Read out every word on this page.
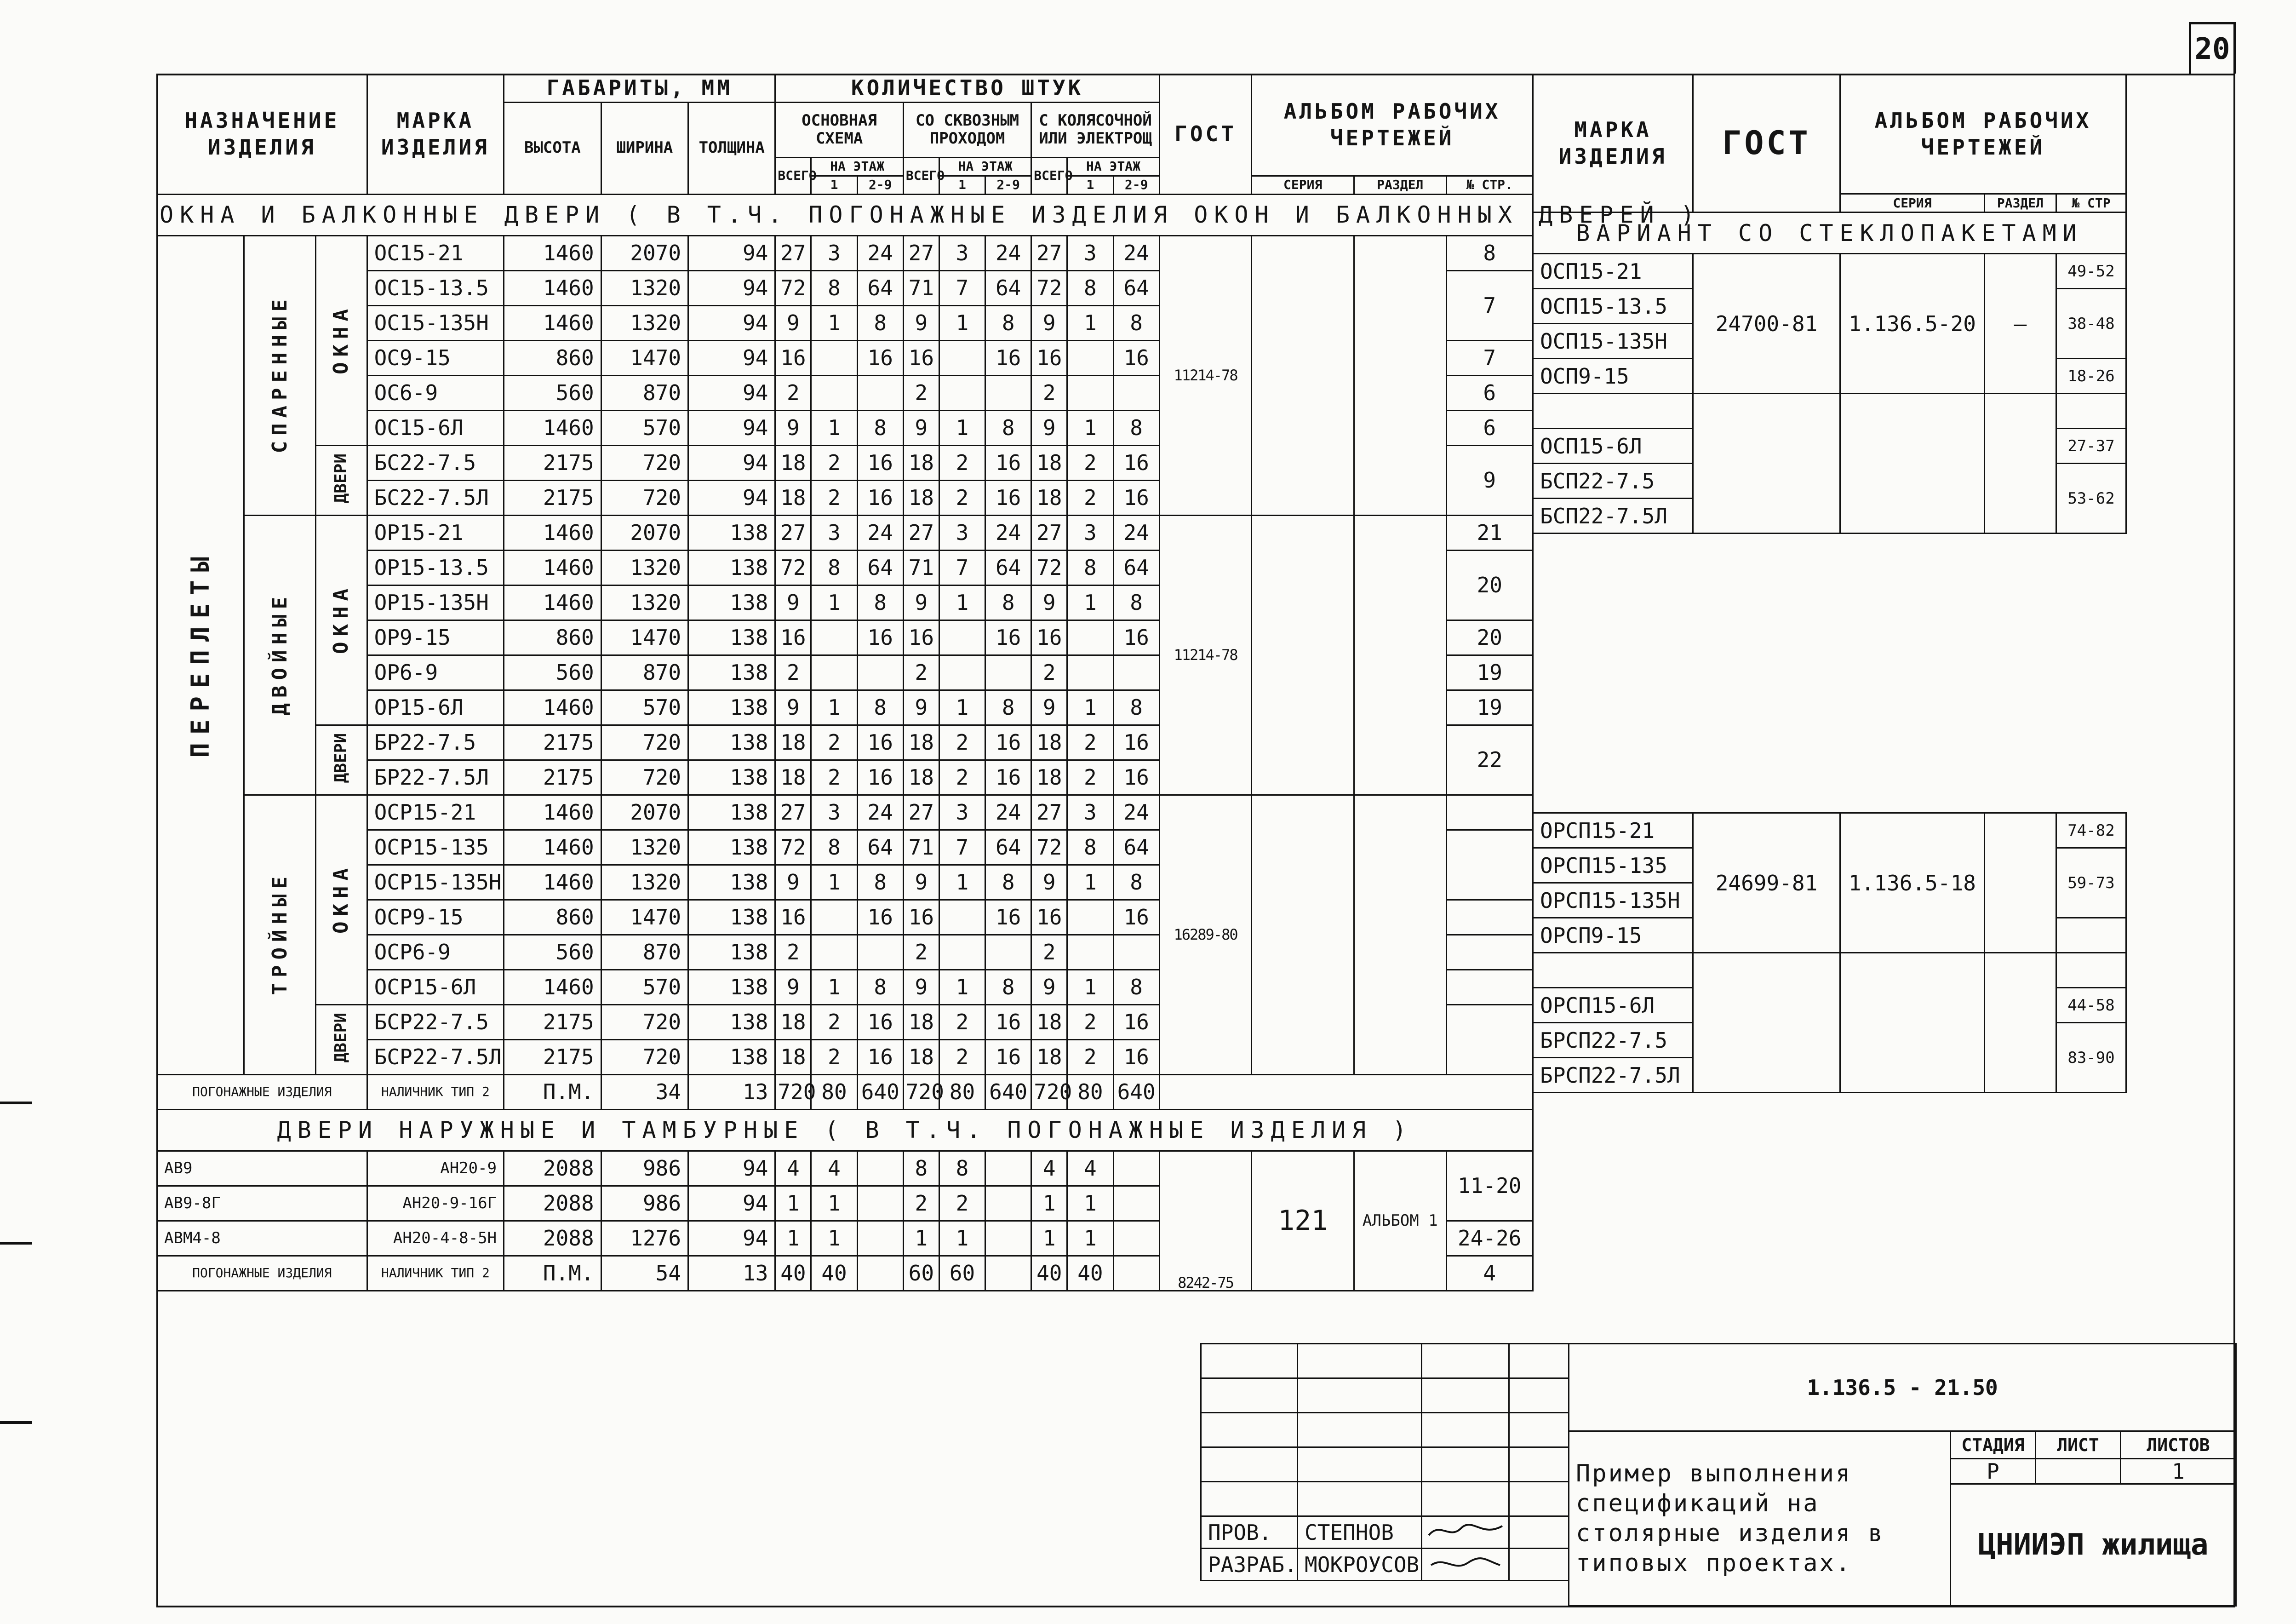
20
НАЗНАЧЕНИЕ ИЗДЕЛИЯ			МАРКА ИЗДЕЛИЯ	ГАБАРИТЫ, ММ			КОЛИЧЕСТВО ШТУК									ГОСТ	АЛЬБОМ РАБОЧИХ ЧЕРТЕЖЕЙ		
				ВЫСОТА	ШИРИНА	ТОЛЩИНА	ОСНОВНАЯ СХЕМА			СО СКВОЗНЫМ ПРОХОДОМ			С КОЛЯСОЧНОЙ ИЛИ ЭЛЕКТРОЩ						
							ВСЕГО	НА ЭТАЖ		ВСЕГО	НА ЭТАЖ		ВСЕГО	НА ЭТАЖ					
								1	2-9		1	2-9		1	2-9		СЕРИЯ	РАЗДЕЛ	№ СТР.
ОКНА И БАЛКОННЫЕ ДВЕРИ ( В Т.Ч. ПОГОНАЖНЫЕ ИЗДЕЛИЯ ОКОН И БАЛКОННЫХ ДВЕРЕЙ )																			
ПЕРЕПЛЕТЫ	СПАРЕННЫЕ	ОКНА	ОС15-21	1460	2070	94	27	3	24	27	3	24	27	3	24	11214-78			8
			ОС15-13.5	1460	1320	94	72	8	64	71	7	64	72	8	64				7
			ОС15-135Н	1460	1320	94	9	1	8	9	1	8	9	1	8				
			ОС9-15	860	1470	94	16		16	16		16	16		16				7
			ОС6-9	560	870	94	2			2			2						6
			ОС15-6Л	1460	570	94	9	1	8	9	1	8	9	1	8				6
		ДВЕРИ	БС22-7.5	2175	720	94	18	2	16	18	2	16	18	2	16				9
			БС22-7.5Л	2175	720	94	18	2	16	18	2	16	18	2	16				
	ДВОЙНЫЕ	ОКНА	ОР15-21	1460	2070	138	27	3	24	27	3	24	27	3	24	11214-78			21
			ОР15-13.5	1460	1320	138	72	8	64	71	7	64	72	8	64				20
			ОР15-135Н	1460	1320	138	9	1	8	9	1	8	9	1	8				
			ОР9-15	860	1470	138	16		16	16		16	16		16				20
			ОР6-9	560	870	138	2			2			2						19
			ОР15-6Л	1460	570	138	9	1	8	9	1	8	9	1	8				19
		ДВЕРИ	БР22-7.5	2175	720	138	18	2	16	18	2	16	18	2	16				22
			БР22-7.5Л	2175	720	138	18	2	16	18	2	16	18	2	16				
	ТРОЙНЫЕ	ОКНА	ОСР15-21	1460	2070	138	27	3	24	27	3	24	27	3	24	16289-80			
			ОСР15-135	1460	1320	138	72	8	64	71	7	64	72	8	64				
			ОСР15-135Н	1460	1320	138	9	1	8	9	1	8	9	1	8				
			ОСР9-15	860	1470	138	16		16	16		16	16		16				
			ОСР6-9	560	870	138	2			2			2						
			ОСР15-6Л	1460	570	138	9	1	8	9	1	8	9	1	8				
		ДВЕРИ	БСР22-7.5	2175	720	138	18	2	16	18	2	16	18	2	16				
			БСР22-7.5Л	2175	720	138	18	2	16	18	2	16	18	2	16				
ПОГОНАЖНЫЕ ИЗДЕЛИЯ			НАЛИЧНИК ТИП 2	П.М.	34	13	720	80	640	720	80	640	720	80	640				
ДВЕРИ НАРУЖНЫЕ И ТАМБУРНЫЕ ( В Т.Ч. ПОГОНАЖНЫЕ ИЗДЕЛИЯ )																			
АВ9			АН20-9	2088	986	94	4	4		8	8		4	4		8242-75	121	АЛЬБОМ 1	11-20
АВ9-8Г			АН20-9-16Г	2088	986	94	1	1		2	2		1	1					
АВМ4-8			АН20-4-8-5Н	2088	1276	94	1	1		1	1		1	1					24-26
ПОГОНАЖНЫЕ ИЗДЕЛИЯ			НАЛИЧНИК ТИП 2	П.М.	54	13	40	40		60	60		40	40					4
МАРКА ИЗДЕЛИЯ	ГОСТ	АЛЬБОМ РАБОЧИХ ЧЕРТЕЖЕЙ		
		СЕРИЯ	РАЗДЕЛ	№ СТР
ВАРИАНТ СО СТЕКЛОПАКЕТАМИ				
ОСП15-21	24700-81	1.136.5-20	—	49-52
ОСП15-13.5				38-48
ОСП15-135Н				
ОСП9-15				18-26

ОСП15-6Л				27-37
БСП22-7.5				53-62
БСП22-7.5Л				

ОРСП15-21	24699-81	1.136.5-18		74-82
ОРСП15-135				59-73
ОРСП15-135Н				
ОРСП9-15				

ОРСП15-6Л				44-58
БРСП22-7.5				83-90
БРСП22-7.5Л				

ПРОВ.	СТЕПНОВ		
РАЗРАБ.	МОКРОУСОВ		
1.136.5 - 21.50			
Пример выполнения спецификаций на столярные изделия в типовых проектах.	СТАДИЯ	ЛИСТ	ЛИСТОВ
	Р		1
	ЦНИИЭП жилища		
